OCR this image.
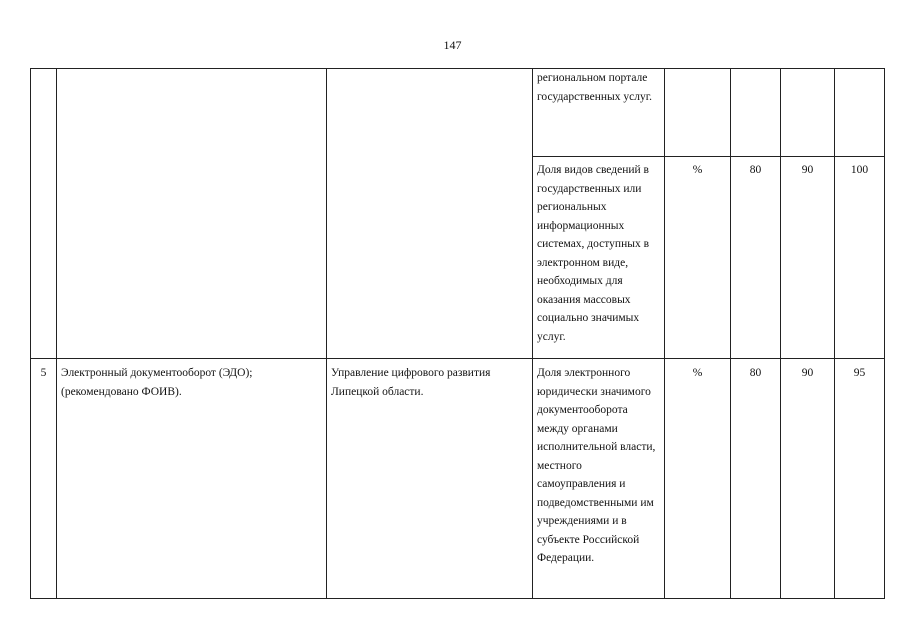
147
			региональном портале государственных услуг.				
			Доля видов сведений в государственных или региональных информационных системах, доступных в электронном виде, необходимых для оказания массовых социально значимых услуг.	%	80	90	100
5	Электронный документооборот (ЭДО); (рекомендовано ФОИВ).	Управление цифрового развития Липецкой области.	Доля электронного юридически значимого документооборота между органами исполнительной власти, местного самоуправления и подведомственными им учреждениями и в субъекте Российской Федерации.	%	80	90	95
